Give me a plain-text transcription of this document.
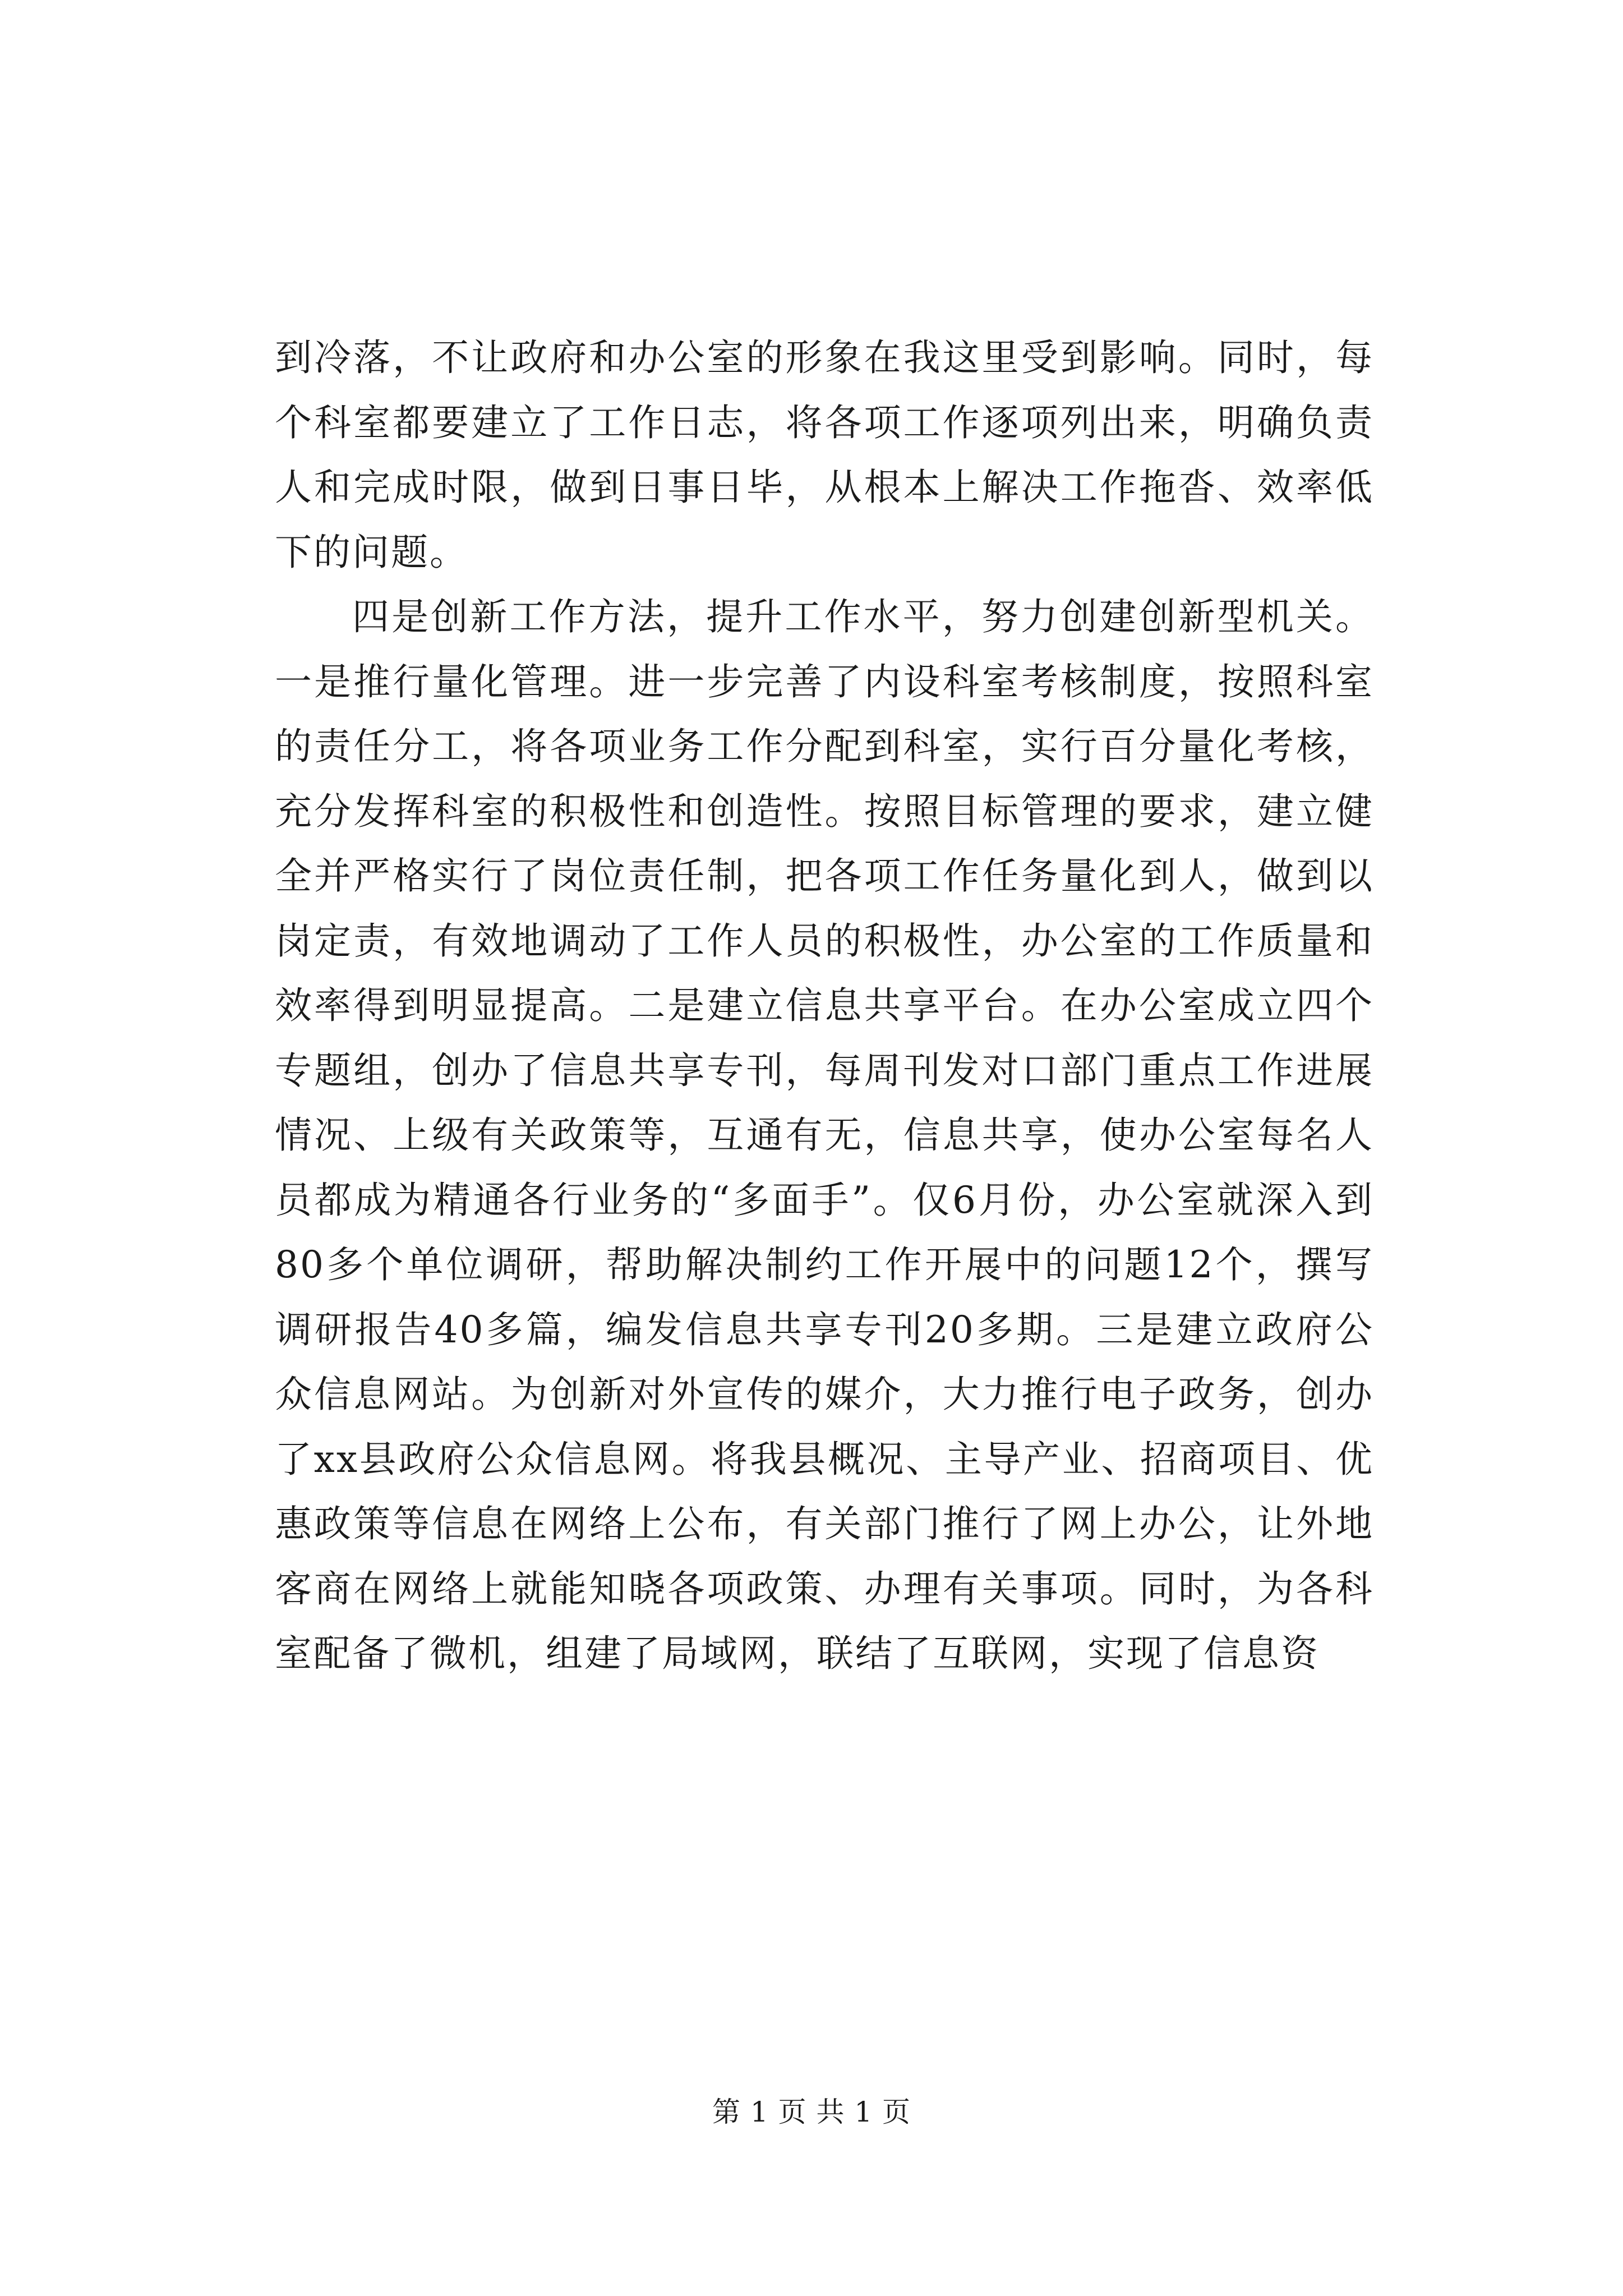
到冷落，不让政府和办公室的形象在我这里受到影响。同时，每个科室都要建立了工作日志，将各项工作逐项列出来，明确负责人和完成时限，做到日事日毕，从根本上解决工作拖沓、效率低下的问题。

四是创新工作方法，提升工作水平，努力创建创新型机关。一是推行量化管理。进一步完善了内设科室考核制度，按照科室的责任分工，将各项业务工作分配到科室，实行百分量化考核，充分发挥科室的积极性和创造性。按照目标管理的要求，建立健全并严格实行了岗位责任制，把各项工作任务量化到人，做到以岗定责，有效地调动了工作人员的积极性，办公室的工作质量和效率得到明显提高。二是建立信息共享平台。在办公室成立四个专题组，创办了信息共享专刊，每周刊发对口部门重点工作进展情况、上级有关政策等，互通有无，信息共享，使办公室每名人员都成为精通各行业务的“多面手”。仅6月份，办公室就深入到80多个单位调研，帮助解决制约工作开展中的问题12个，撰写调研报告40多篇，编发信息共享专刊20多期。三是建立政府公众信息网站。为创新对外宣传的媒介，大力推行电子政务，创办了xx县政府公众信息网。将我县概况、主导产业、招商项目、优惠政策等信息在网络上公布，有关部门推行了网上办公，让外地客商在网络上就能知晓各项政策、办理有关事项。同时，为各科室配备了微机，组建了局域网，联结了互联网，实现了信息资

第 1 页 共 1 页
